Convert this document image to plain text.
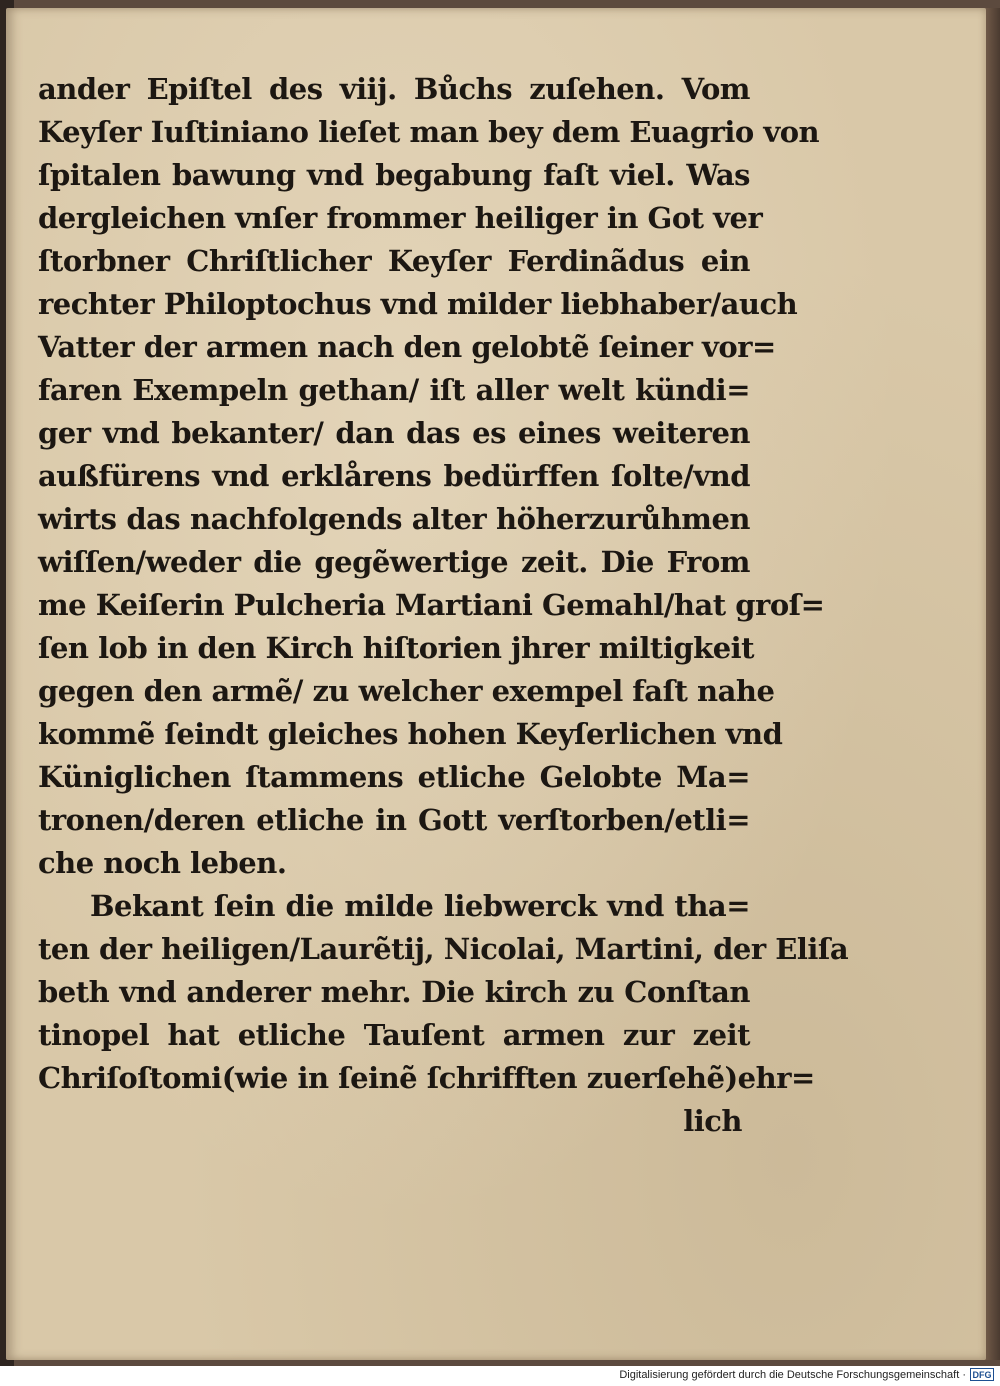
ander Epiſtel des viij. Bůchs zuſehen. Vom
Keyſer Iuſtiniano lieſet man bey dem Euagrio von
ſpitalen bawung vnd begabung faſt viel. Was
dergleichen vnſer frommer heiliger in Got ver
ſtorbner Chriſtlicher Keyſer Ferdinãdus ein
rechter Philoptochus vnd milder liebhaber/auch
Vatter der armen nach den gelobtẽ ſeiner vor=
faren Exempeln gethan/ iſt aller welt kündi=
ger vnd bekanter/ dan das es eines weiteren
außfürens vnd erklårens bedürffen ſolte/vnd
wirts das nachfolgends alter höherzurůhmen
wiſſen/weder die gegẽwertige zeit. Die From
me Keiſerin Pulcheria Martiani Gemahl/hat groſ=
ſen lob in den Kirch hiſtorien jhrer miltigkeit
gegen den armẽ/ zu welcher exempel faſt nahe
kommẽ ſeindt gleiches hohen Keyſerlichen vnd
Küniglichen ſtammens etliche Gelobte Ma=
tronen/deren etliche in Gott verſtorben/etli=
che noch leben.
Bekant ſein die milde liebwerck vnd tha=
ten der heiligen/Laurẽtij, Nicolai, Martini, der Eliſa
beth vnd anderer mehr. Die kirch zu Conſtan
tinopel hat etliche Tauſent armen zur zeit
Chriſoſtomi(wie in ſeinẽ ſchrifften zuerſehẽ)ehr=
lich
Digitalisierung gefördert durch die Deutsche Forschungsgemeinschaft · DFG
